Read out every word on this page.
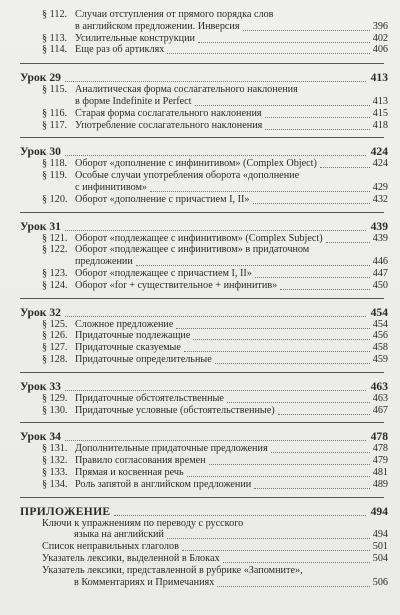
§ 112. Случаи отступления от прямого порядка слов
в английском предложении. Инверсия	396
§ 113. Усилительные конструкции	402
§ 114. Еще раз об артиклях	406
Урок 29	413
§ 115. Аналитическая форма сослагательного наклонения
в форме Indefinite и Perfect	413
§ 116. Старая форма сослагательного наклонения	415
§ 117. Употребление сослагательного наклонения	418
Урок 30	424
§ 118. Оборот «дополнение с инфинитивом» (Complex Object)	424
§ 119. Особые случаи употребления оборота «дополнение
с инфинитивом»	429
§ 120. Оборот «дополнение с причастием I, II»	432
Урок 31	439
§ 121. Оборот «подлежащее с инфинитивом» (Complex Subject)	439
§ 122. Оборот «подлежащее с инфинитивом» в придаточном
предложении	446
§ 123. Оборот «подлежащее с причастием I, II»	447
§ 124. Оборот «for + существительное + инфинитив»	450
Урок 32	454
§ 125. Сложное предложение	454
§ 126. Придаточные подлежащие	456
§ 127. Придаточные сказуемые	458
§ 128. Придаточные определительные	459
Урок 33	463
§ 129. Придаточные обстоятельственные	463
§ 130. Придаточные условные (обстоятельственные)	467
Урок 34	478
§ 131. Дополнительные придаточные предложения	478
§ 132. Правило согласования времен	479
§ 133. Прямая и косвенная речь	481
§ 134. Роль запятой в английском предложении	489
ПРИЛОЖЕНИЕ	494
Ключи к упражнениям по переводу с русского
языка на английский	494
Список неправильных глаголов	501
Указатель лексики, выделенной в Блоках	504
Указатель лексики, представленной в рубрике «Запомните»,
в Комментариях и Примечаниях	506
